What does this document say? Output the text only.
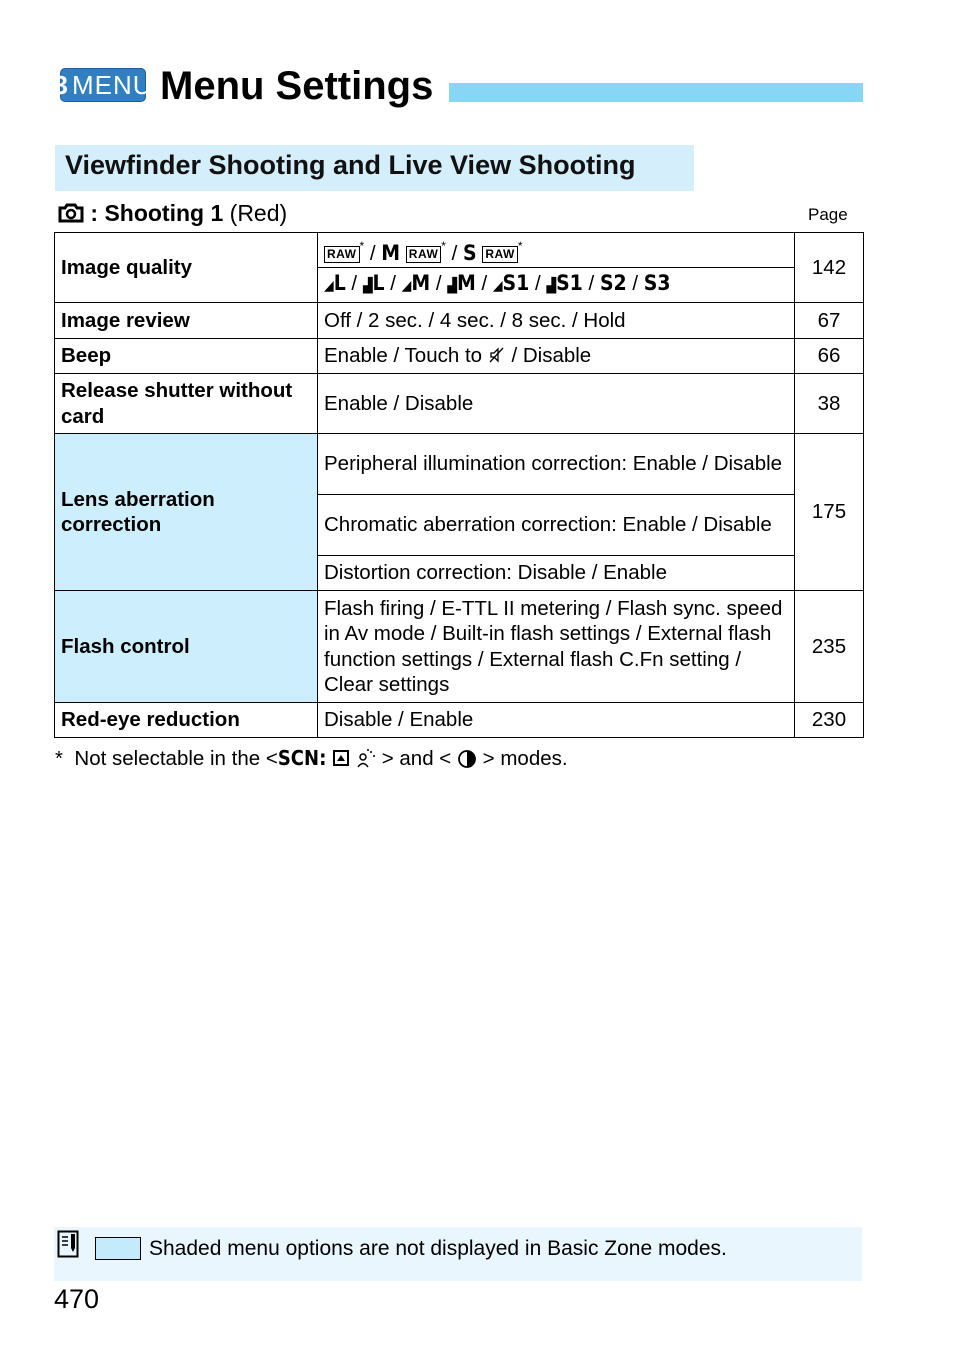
3 MENU Menu Settings
Viewfinder Shooting and Live View Shooting
: Shooting 1 (Red)	Page
Image quality	RAW* / M RAW* / S RAW*	142
	◢L / ▟L / ◢M / ▟M / ◢S1 / ▟S1 / S2 / S3	
Image review	Off / 2 sec. / 4 sec. / 8 sec. / Hold	67
Beep	Enable / Touch to / Disable	66
Release shutter without card	Enable / Disable	38
Lens aberration correction	Peripheral illumination correction: Enable / Disable	175
	Chromatic aberration correction: Enable / Disable	
	Distortion correction: Disable / Enable	
Flash control	Flash firing / E-TTL II metering / Flash sync. speed in Av mode / Built-in flash settings / External flash function settings / External flash C.Fn setting / Clear settings	235
Red-eye reduction	Disable / Enable	230
* Not selectable in the <SCN:	> and < > modes.
Shaded menu options are not displayed in Basic Zone modes.
470
